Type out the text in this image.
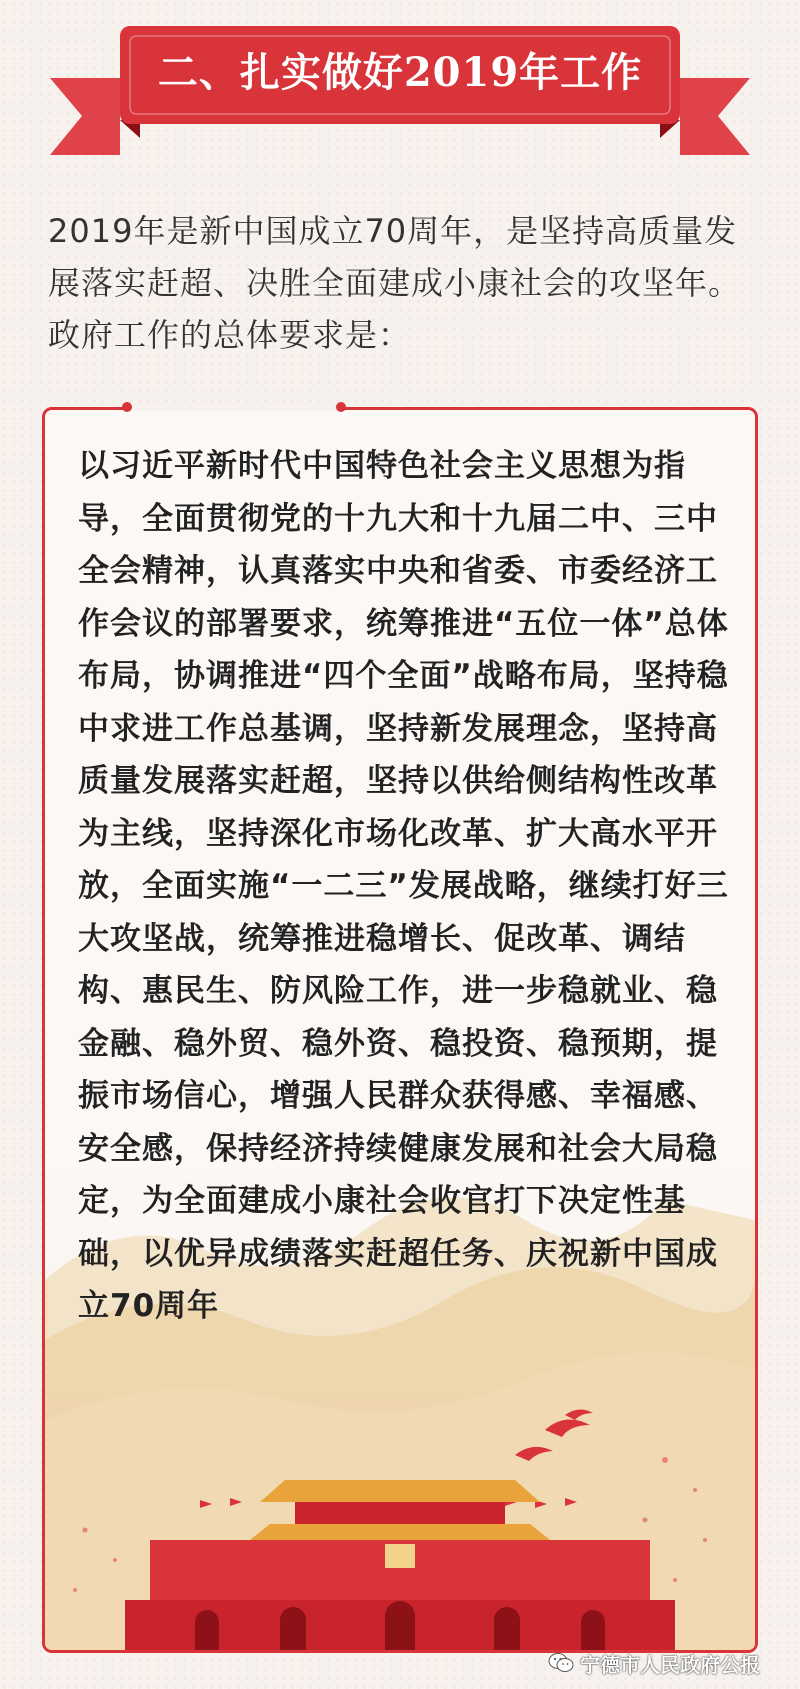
二、扎实做好2019年工作

2019年是新中国成立70周年，是坚持高质量发展落实赶超、决胜全面建成小康社会的攻坚年。政府工作的总体要求是：

以习近平新时代中国特色社会主义思想为指导，全面贯彻党的十九大和十九届二中、三中全会精神，认真落实中央和省委、市委经济工作会议的部署要求，统筹推进“五位一体”总体布局，协调推进“四个全面”战略布局，坚持稳中求进工作总基调，坚持新发展理念，坚持高质量发展落实赶超，坚持以供给侧结构性改革为主线，坚持深化市场化改革、扩大高水平开放，全面实施“一二三”发展战略，继续打好三大攻坚战，统筹推进稳增长、促改革、调结构、惠民生、防风险工作，进一步稳就业、稳金融、稳外贸、稳外资、稳投资、稳预期，提振市场信心，增强人民群众获得感、幸福感、安全感，保持经济持续健康发展和社会大局稳定，为全面建成小康社会收官打下决定性基础，以优异成绩落实赶超任务、庆祝新中国成立70周年

宁德市人民政府公报
